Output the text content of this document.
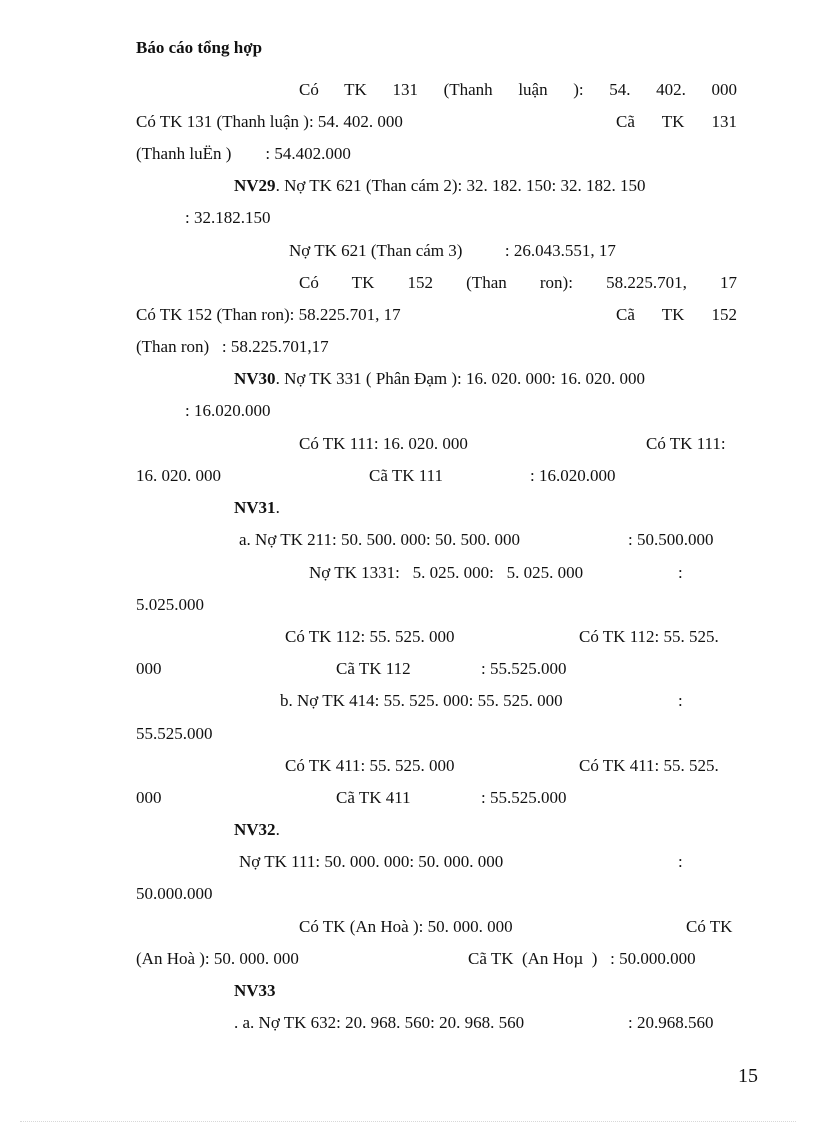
Báo cáo tổng hợp
Có TK 131 (Thanh luận ): 54. 402. 000
Có TK 131 (Thanh luận ): 54. 402. 000	Cã TK 131
(Thanh luËn )        : 54.402.000
NV29. Nợ TK 621 (Than cám 2): 32. 182. 150: 32. 182. 150
: 32.182.150
Nợ TK 621 (Than cám 3)          : 26.043.551, 17
Có TK 152 (Than ron): 58.225.701, 17
Có TK 152 (Than ron): 58.225.701, 17	Cã TK 152
(Than ron)   : 58.225.701,17
NV30. Nợ TK 331 ( Phân Đạm ): 16. 020. 000: 16. 020. 000
: 16.020.000
Có TK 111: 16. 020. 000	Có TK 111:
16. 020. 000	Cã TK 111	: 16.020.000
NV31.
a. Nợ TK 211: 50. 500. 000: 50. 500. 000	: 50.500.000
Nợ TK 1331:   5. 025. 000:   5. 025. 000	:
5.025.000
Có TK 112: 55. 525. 000	Có TK 112: 55. 525.
000	Cã TK 112	: 55.525.000
b. Nợ TK 414: 55. 525. 000: 55. 525. 000	:
55.525.000
Có TK 411: 55. 525. 000	Có TK 411: 55. 525.
000	Cã TK 411	: 55.525.000
NV32.
Nợ TK 111: 50. 000. 000: 50. 000. 000	:
50.000.000
Có TK (An Hoà ): 50. 000. 000	Có TK
(An Hoà ): 50. 000. 000	Cã TK  (An Hoµ  )   : 50.000.000
NV33
. a. Nợ TK 632: 20. 968. 560: 20. 968. 560	: 20.968.560
15
